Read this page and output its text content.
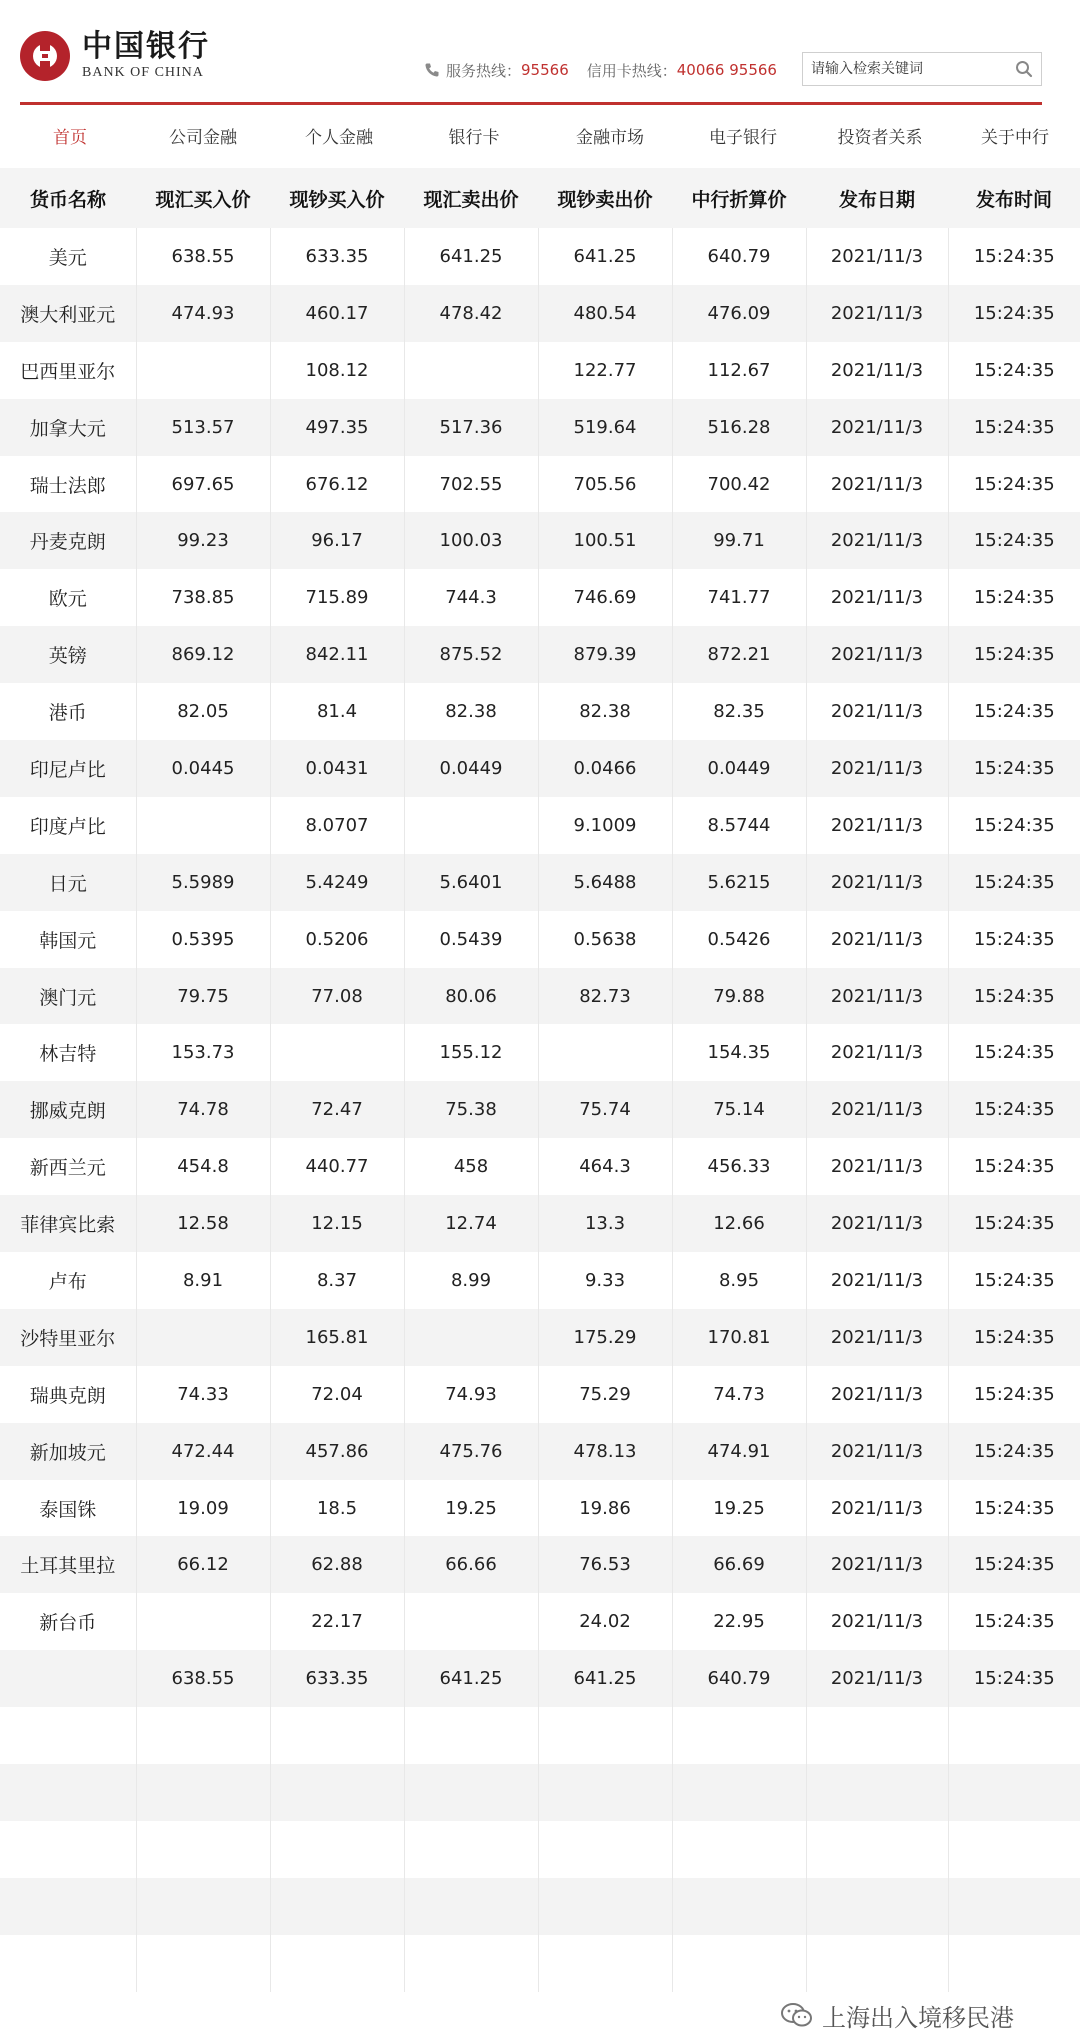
中国银行
BANK OF CHINA	服务热线： 95566 信用卡热线： 40066 95566
请输入检索关键词
首页	公司金融	个人金融	银行卡	金融市场	电子银行	投资者关系	关于中行
货币名称	现汇买入价	现钞买入价	现汇卖出价	现钞卖出价	中行折算价	发布日期	发布时间
美元	638.55	633.35	641.25	641.25	640.79	2021/11/3	15:24:35
澳大利亚元	474.93	460.17	478.42	480.54	476.09	2021/11/3	15:24:35
巴西里亚尔		108.12		122.77	112.67	2021/11/3	15:24:35
加拿大元	513.57	497.35	517.36	519.64	516.28	2021/11/3	15:24:35
瑞士法郎	697.65	676.12	702.55	705.56	700.42	2021/11/3	15:24:35
丹麦克朗	99.23	96.17	100.03	100.51	99.71	2021/11/3	15:24:35
欧元	738.85	715.89	744.3	746.69	741.77	2021/11/3	15:24:35
英镑	869.12	842.11	875.52	879.39	872.21	2021/11/3	15:24:35
港币	82.05	81.4	82.38	82.38	82.35	2021/11/3	15:24:35
印尼卢比	0.0445	0.0431	0.0449	0.0466	0.0449	2021/11/3	15:24:35
印度卢比		8.0707		9.1009	8.5744	2021/11/3	15:24:35
日元	5.5989	5.4249	5.6401	5.6488	5.6215	2021/11/3	15:24:35
韩国元	0.5395	0.5206	0.5439	0.5638	0.5426	2021/11/3	15:24:35
澳门元	79.75	77.08	80.06	82.73	79.88	2021/11/3	15:24:35
林吉特	153.73		155.12		154.35	2021/11/3	15:24:35
挪威克朗	74.78	72.47	75.38	75.74	75.14	2021/11/3	15:24:35
新西兰元	454.8	440.77	458	464.3	456.33	2021/11/3	15:24:35
菲律宾比索	12.58	12.15	12.74	13.3	12.66	2021/11/3	15:24:35
卢布	8.91	8.37	8.99	9.33	8.95	2021/11/3	15:24:35
沙特里亚尔		165.81		175.29	170.81	2021/11/3	15:24:35
瑞典克朗	74.33	72.04	74.93	75.29	74.73	2021/11/3	15:24:35
新加坡元	472.44	457.86	475.76	478.13	474.91	2021/11/3	15:24:35
泰国铢	19.09	18.5	19.25	19.86	19.25	2021/11/3	15:24:35
土耳其里拉	66.12	62.88	66.66	76.53	66.69	2021/11/3	15:24:35
新台币		22.17		24.02	22.95	2021/11/3	15:24:35
	638.55	633.35	641.25	641.25	640.79	2021/11/3	15:24:35

上海出入境移民港
